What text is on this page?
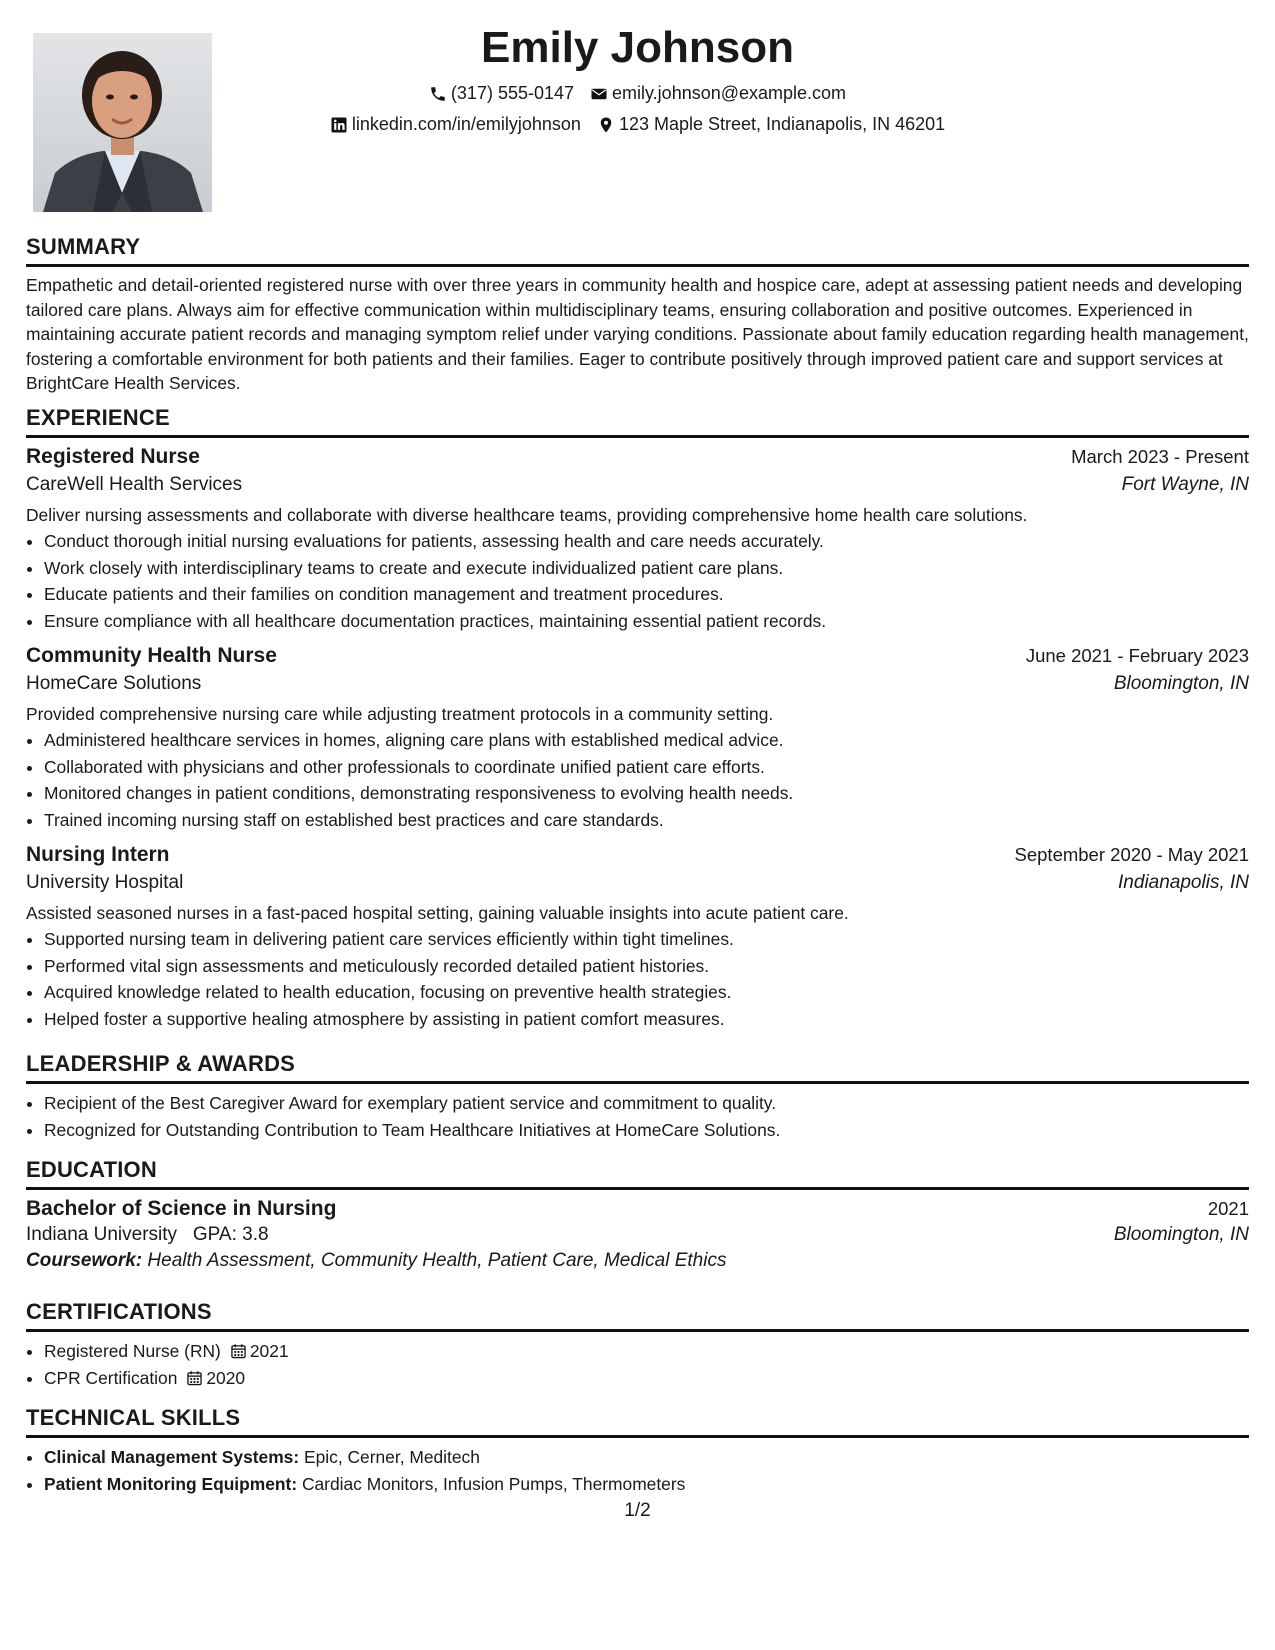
Emily Johnson
(317) 555-0147 emily.johnson@example.com
linkedin.com/in/emilyjohnson 123 Maple Street, Indianapolis, IN 46201
SUMMARY

Empathetic and detail-oriented registered nurse with over three years in community health and hospice care, adept at assessing patient needs and developing tailored care plans. Always aim for effective communication within multidisciplinary teams, ensuring collaboration and positive outcomes. Experienced in maintaining accurate patient records and managing symptom relief under varying conditions. Passionate about family education regarding health management, fostering a comfortable environment for both patients and their families. Eager to contribute positively through improved patient care and support services at BrightCare Health Services.

EXPERIENCE
Registered Nurse	March 2023 - Present
CareWell Health Services	Fort Wayne, IN
Deliver nursing assessments and collaborate with diverse healthcare teams, providing comprehensive home health care solutions.
• Conduct thorough initial nursing evaluations for patients, assessing health and care needs accurately.
• Work closely with interdisciplinary teams to create and execute individualized patient care plans.
• Educate patients and their families on condition management and treatment procedures.
• Ensure compliance with all healthcare documentation practices, maintaining essential patient records.
Community Health Nurse	June 2021 - February 2023
HomeCare Solutions	Bloomington, IN
Provided comprehensive nursing care while adjusting treatment protocols in a community setting.
• Administered healthcare services in homes, aligning care plans with established medical advice.
• Collaborated with physicians and other professionals to coordinate unified patient care efforts.
• Monitored changes in patient conditions, demonstrating responsiveness to evolving health needs.
• Trained incoming nursing staff on established best practices and care standards.
Nursing Intern	September 2020 - May 2021
University Hospital	Indianapolis, IN
Assisted seasoned nurses in a fast-paced hospital setting, gaining valuable insights into acute patient care.
• Supported nursing team in delivering patient care services efficiently within tight timelines.
• Performed vital sign assessments and meticulously recorded detailed patient histories.
• Acquired knowledge related to health education, focusing on preventive health strategies.
• Helped foster a supportive healing atmosphere by assisting in patient comfort measures.
LEADERSHIP & AWARDS
• Recipient of the Best Caregiver Award for exemplary patient service and commitment to quality.
• Recognized for Outstanding Contribution to Team Healthcare Initiatives at HomeCare Solutions.
EDUCATION
Bachelor of Science in Nursing	2021
Indiana University GPA: 3.8	Bloomington, IN
Coursework: Health Assessment, Community Health, Patient Care, Medical Ethics
CERTIFICATIONS
• Registered Nurse (RN) 2021
• CPR Certification 2020
TECHNICAL SKILLS
• Clinical Management Systems: Epic, Cerner, Meditech
• Patient Monitoring Equipment: Cardiac Monitors, Infusion Pumps, Thermometers
1/2
